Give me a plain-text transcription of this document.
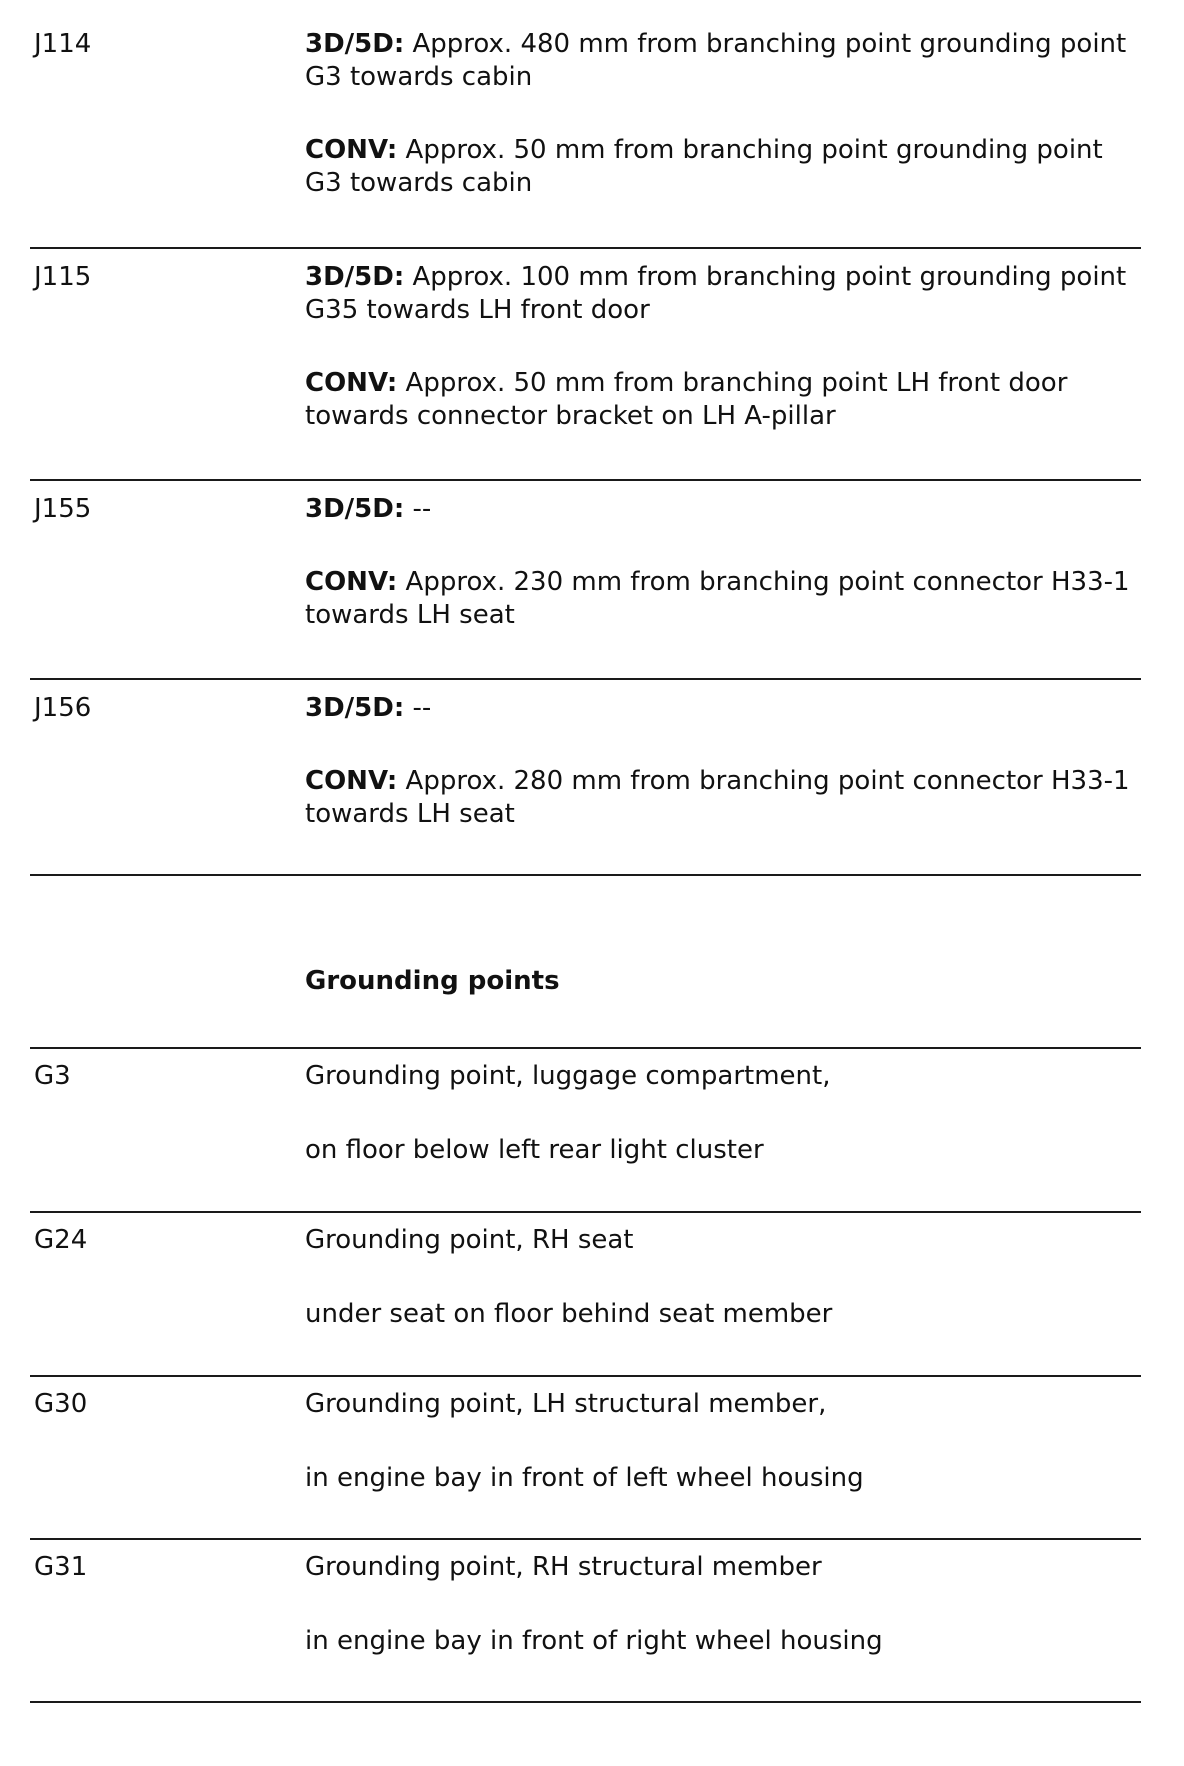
J114	3D/5D: Approx. 480 mm from branching point grounding point G3 towards cabin

CONV: Approx. 50 mm from branching point grounding point G3 towards cabin

J115	3D/5D: Approx. 100 mm from branching point grounding point G35 towards LH front door

CONV: Approx. 50 mm from branching point LH front door towards connector bracket on LH A-pillar

J155	3D/5D: --

CONV: Approx. 230 mm from branching point connector H33-1 towards LH seat

J156	3D/5D: --

CONV: Approx. 280 mm from branching point connector H33-1 towards LH seat

Grounding points
G3	Grounding point, luggage compartment,

on floor below left rear light cluster

G24	Grounding point, RH seat

under seat on floor behind seat member

G30	Grounding point, LH structural member,

in engine bay in front of left wheel housing

G31	Grounding point, RH structural member

in engine bay in front of right wheel housing
